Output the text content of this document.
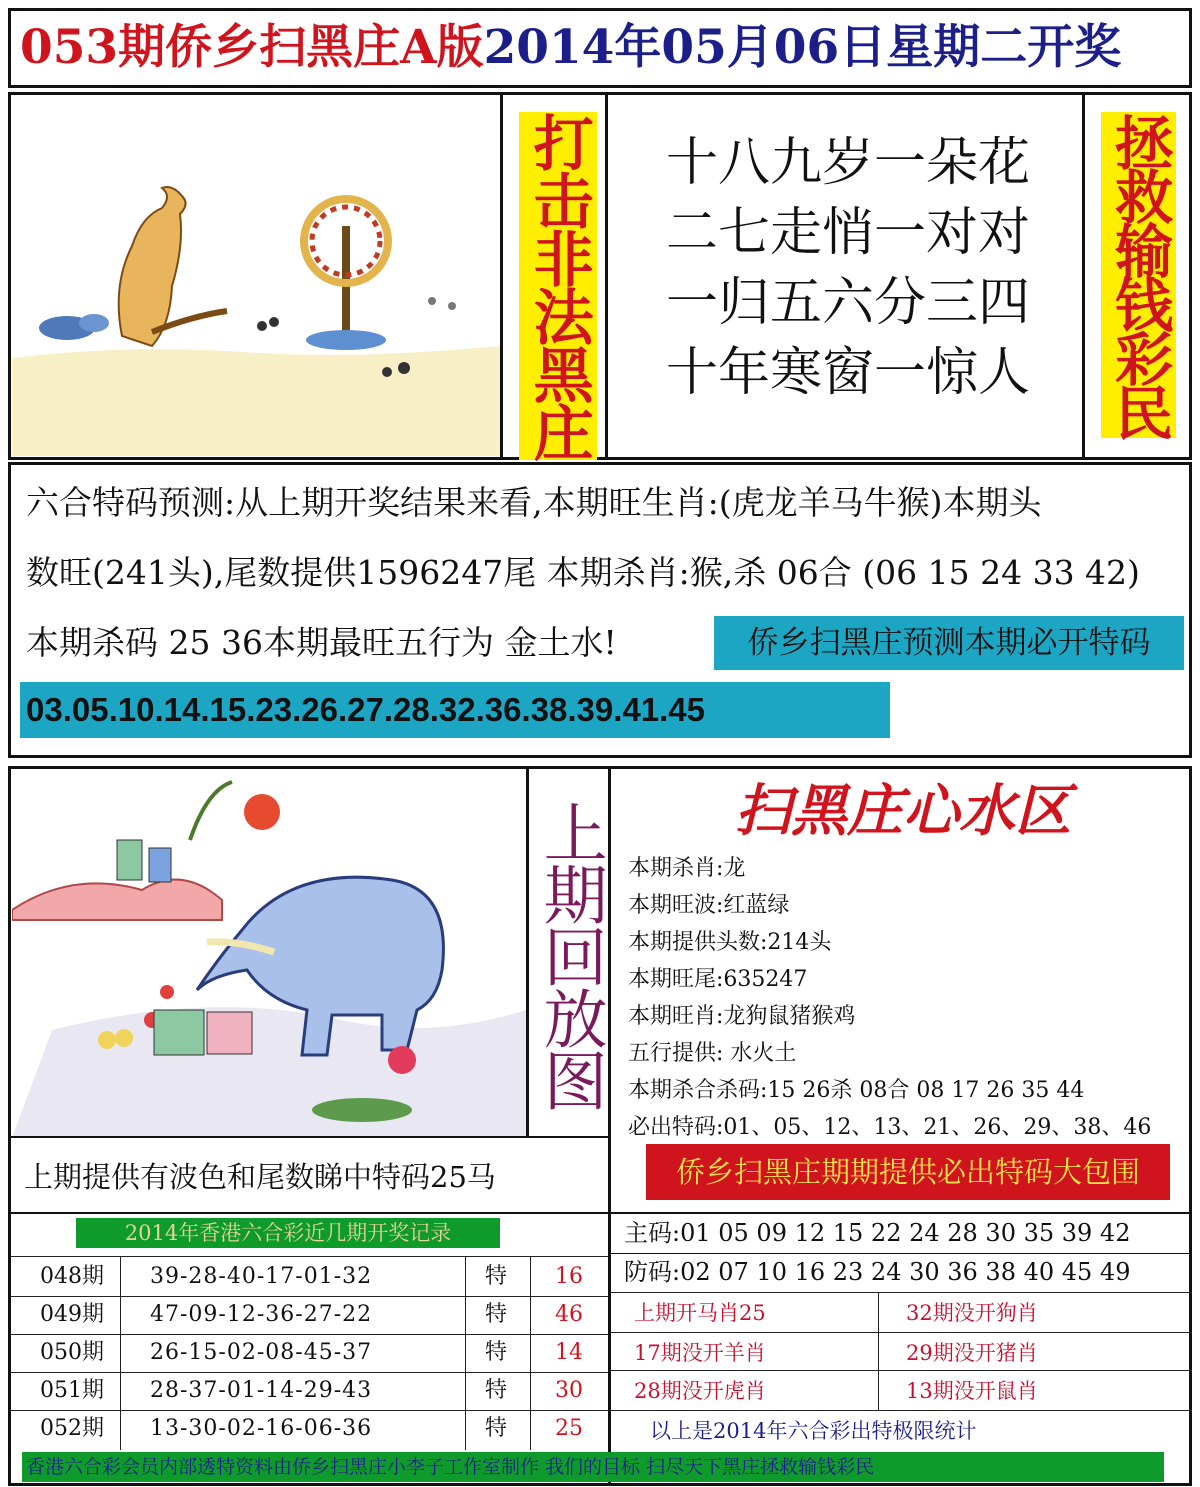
053期侨乡扫黑庄A版2014年05月06日星期二开奖
打击非法黑庄	十八九岁一朵花
二七走悄一对对
一归五六分三四
十年寒窗一惊人	拯救输钱彩民
六合特码预测:从上期开奖结果来看,本期旺生肖:(虎龙羊马牛猴)本期头
数旺(241头),尾数提供1596247尾 本期杀肖:猴,杀 06合 (06 15 24 33 42)
本期杀码 25 36本期最旺五行为 金土水!	侨乡扫黑庄预测本期必开特码
03.05.10.14.15.23.26.27.28.32.36.38.39.41.45
上期回放图	扫黑庄心水区
本期杀肖:龙
本期旺波:红蓝绿
本期提供头数:214头
本期旺尾:635247
本期旺肖:龙狗鼠猪猴鸡
五行提供: 水火土
本期杀合杀码:15 26杀 08合 08 17 26 35 44
必出特码:01、05、12、13、21、26、29、38、46
上期提供有波色和尾数睇中特码25马	侨乡扫黑庄期期提供必出特码大包围
主码:01 05 09 12 15 22 24 28 30 35 39 42
防码:02 07 10 16 23 24 30 36 38 40 45 49
2014年香港六合彩近几期开奖记录
048期 39-28-40-17-01-32	特 16
049期 47-09-12-36-27-22	特 46
050期 26-15-02-08-45-37	特 14
051期 28-37-01-14-29-43	特 30
052期 13-30-02-16-06-36	特 25
上期开马肖25	32期没开狗肖
17期没开羊肖	29期没开猪肖
28期没开虎肖	13期没开鼠肖
以上是2014年六合彩出特极限统计
香港六合彩会员内部透特资料由侨乡扫黑庄小李子工作室制作 我们的目标 扫尽天下黑庄拯救输钱彩民
